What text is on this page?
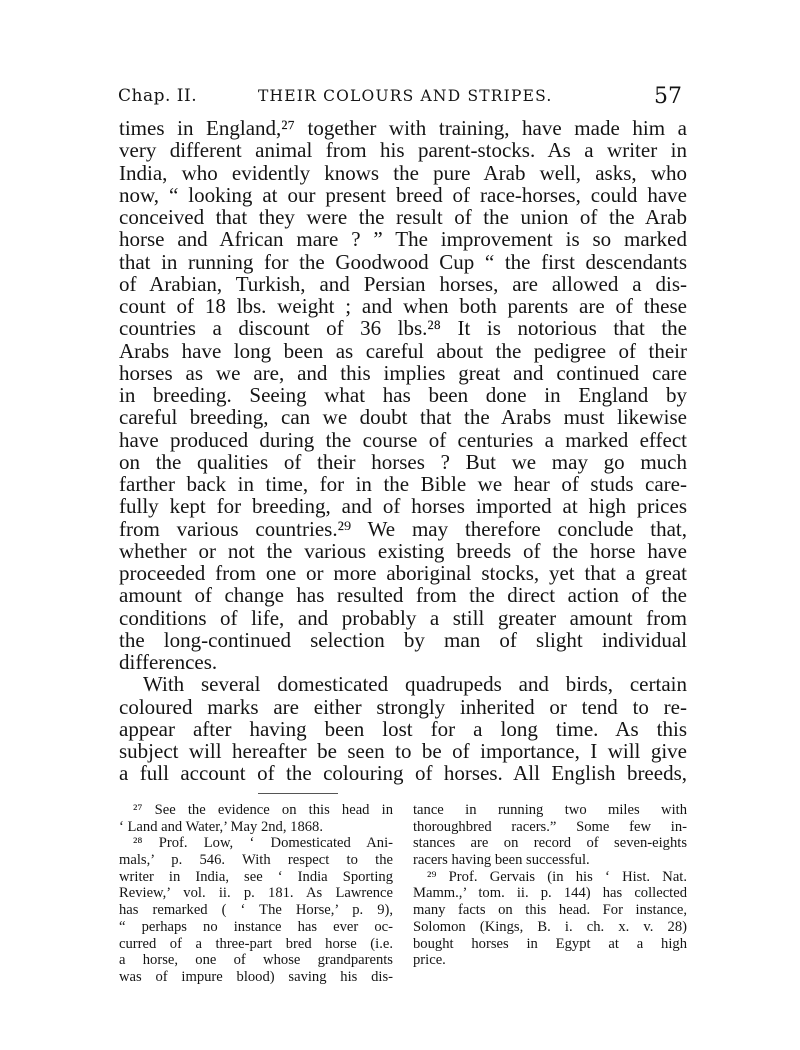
Chap. II.	THEIR COLOURS AND STRIPES.	57
times in England,²⁷ together with training, have made him a
very different animal from his parent-stocks. As a writer in
India, who evidently knows the pure Arab well, asks, who
now, “ looking at our present breed of race-horses, could have
conceived that they were the result of the union of the Arab
horse and African mare ? ” The improvement is so marked
that in running for the Goodwood Cup “ the first descendants
of Arabian, Turkish, and Persian horses, are allowed a dis-
count of 18 lbs. weight ; and when both parents are of these
countries a discount of 36 lbs.²⁸ It is notorious that the
Arabs have long been as careful about the pedigree of their
horses as we are, and this implies great and continued care
in breeding. Seeing what has been done in England by
careful breeding, can we doubt that the Arabs must likewise
have produced during the course of centuries a marked effect
on the qualities of their horses ? But we may go much
farther back in time, for in the Bible we hear of studs care-
fully kept for breeding, and of horses imported at high prices
from various countries.²⁹ We may therefore conclude that,
whether or not the various existing breeds of the horse have
proceeded from one or more aboriginal stocks, yet that a great
amount of change has resulted from the direct action of the
conditions of life, and probably a still greater amount from
the long-continued selection by man of slight individual
differences.
With several domesticated quadrupeds and birds, certain
coloured marks are either strongly inherited or tend to re-
appear after having been lost for a long time. As this
subject will hereafter be seen to be of importance, I will give
a full account of the colouring of horses. All English breeds,
²⁷ See the evidence on this head in
‘ Land and Water,’ May 2nd, 1868.
²⁸ Prof. Low, ‘ Domesticated Ani-
mals,’ p. 546. With respect to the
writer in India, see ‘ India Sporting
Review,’ vol. ii. p. 181. As Lawrence
has remarked ( ‘ The Horse,’ p. 9),
“ perhaps no instance has ever oc-
curred of a three-part bred horse (i.e.
a horse, one of whose grandparents
was of impure blood) saving his dis-
tance in running two miles with
thoroughbred racers.” Some few in-
stances are on record of seven-eights
racers having been successful.
²⁹ Prof. Gervais (in his ‘ Hist. Nat.
Mamm.,’ tom. ii. p. 144) has collected
many facts on this head. For instance,
Solomon (Kings, B. i. ch. x. v. 28)
bought horses in Egypt at a high
price.
